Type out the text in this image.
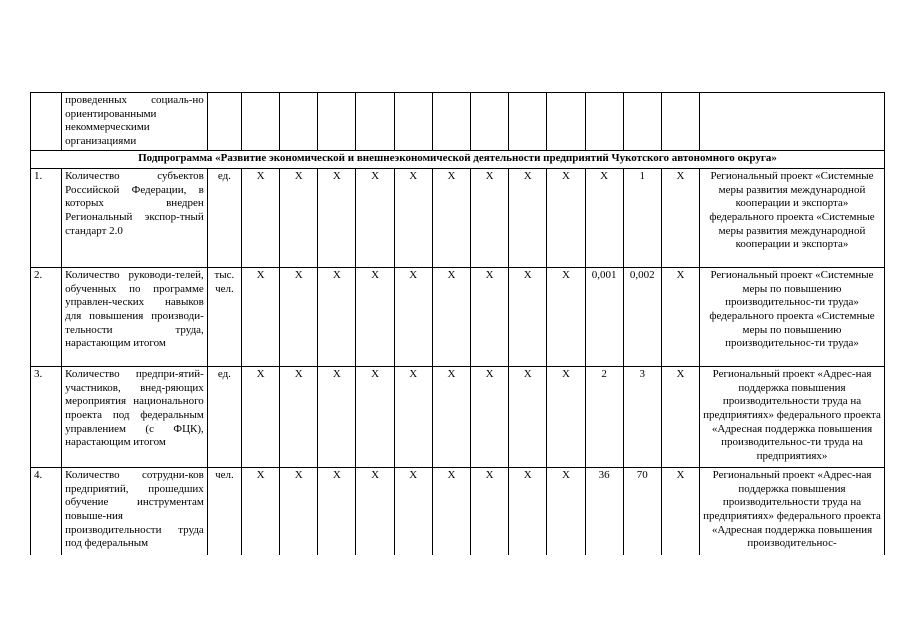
	проведенных социаль-но ориентированными некоммерческими организациями														
Подпрограмма «Развитие экономической и внешнеэкономической деятельности предприятий Чукотского автономного округа»															
1.	Количество субъектов Российской Федерации, в которых внедрен Региональный экспор-тный стандарт 2.0	ед.	Х	Х	Х	Х	Х	Х	Х	Х	Х	Х	1	Х	Региональный проект «Системные меры развития международной кооперации и экспорта» федерального проекта «Системные меры развития международной кооперации и экспорта»
2.	Количество руководи-телей, обученных по программе управлен-ческих навыков для повышения производи-тельности труда, нарастающим итогом	тыс. чел.	Х	Х	Х	Х	Х	Х	Х	Х	Х	0,001	0,002	Х	Региональный проект «Системные меры по повышению производительнос-ти труда» федерального проекта «Системные меры по повышению производительнос-ти труда»
3.	Количество предпри-ятий-участников, внед-ряющих мероприятия национального проекта под федеральным управлением (с ФЦК), нарастающим итогом	ед.	Х	Х	Х	Х	Х	Х	Х	Х	Х	2	3	Х	Региональный проект «Адрес-ная поддержка повышения производительности труда на предприятиях» федерального проекта «Адресная поддержка повышения производительнос-ти труда на предприятиях»
4.	Количество сотрудни-ков предприятий, прошедших обучение инструментам повыше-ния производительности труда под федеральным	чел.	Х	Х	Х	Х	Х	Х	Х	Х	Х	36	70	Х	Региональный проект «Адрес-ная поддержка повышения производительности труда на предприятиях» федерального проекта «Адресная поддержка повышения производительнос-
